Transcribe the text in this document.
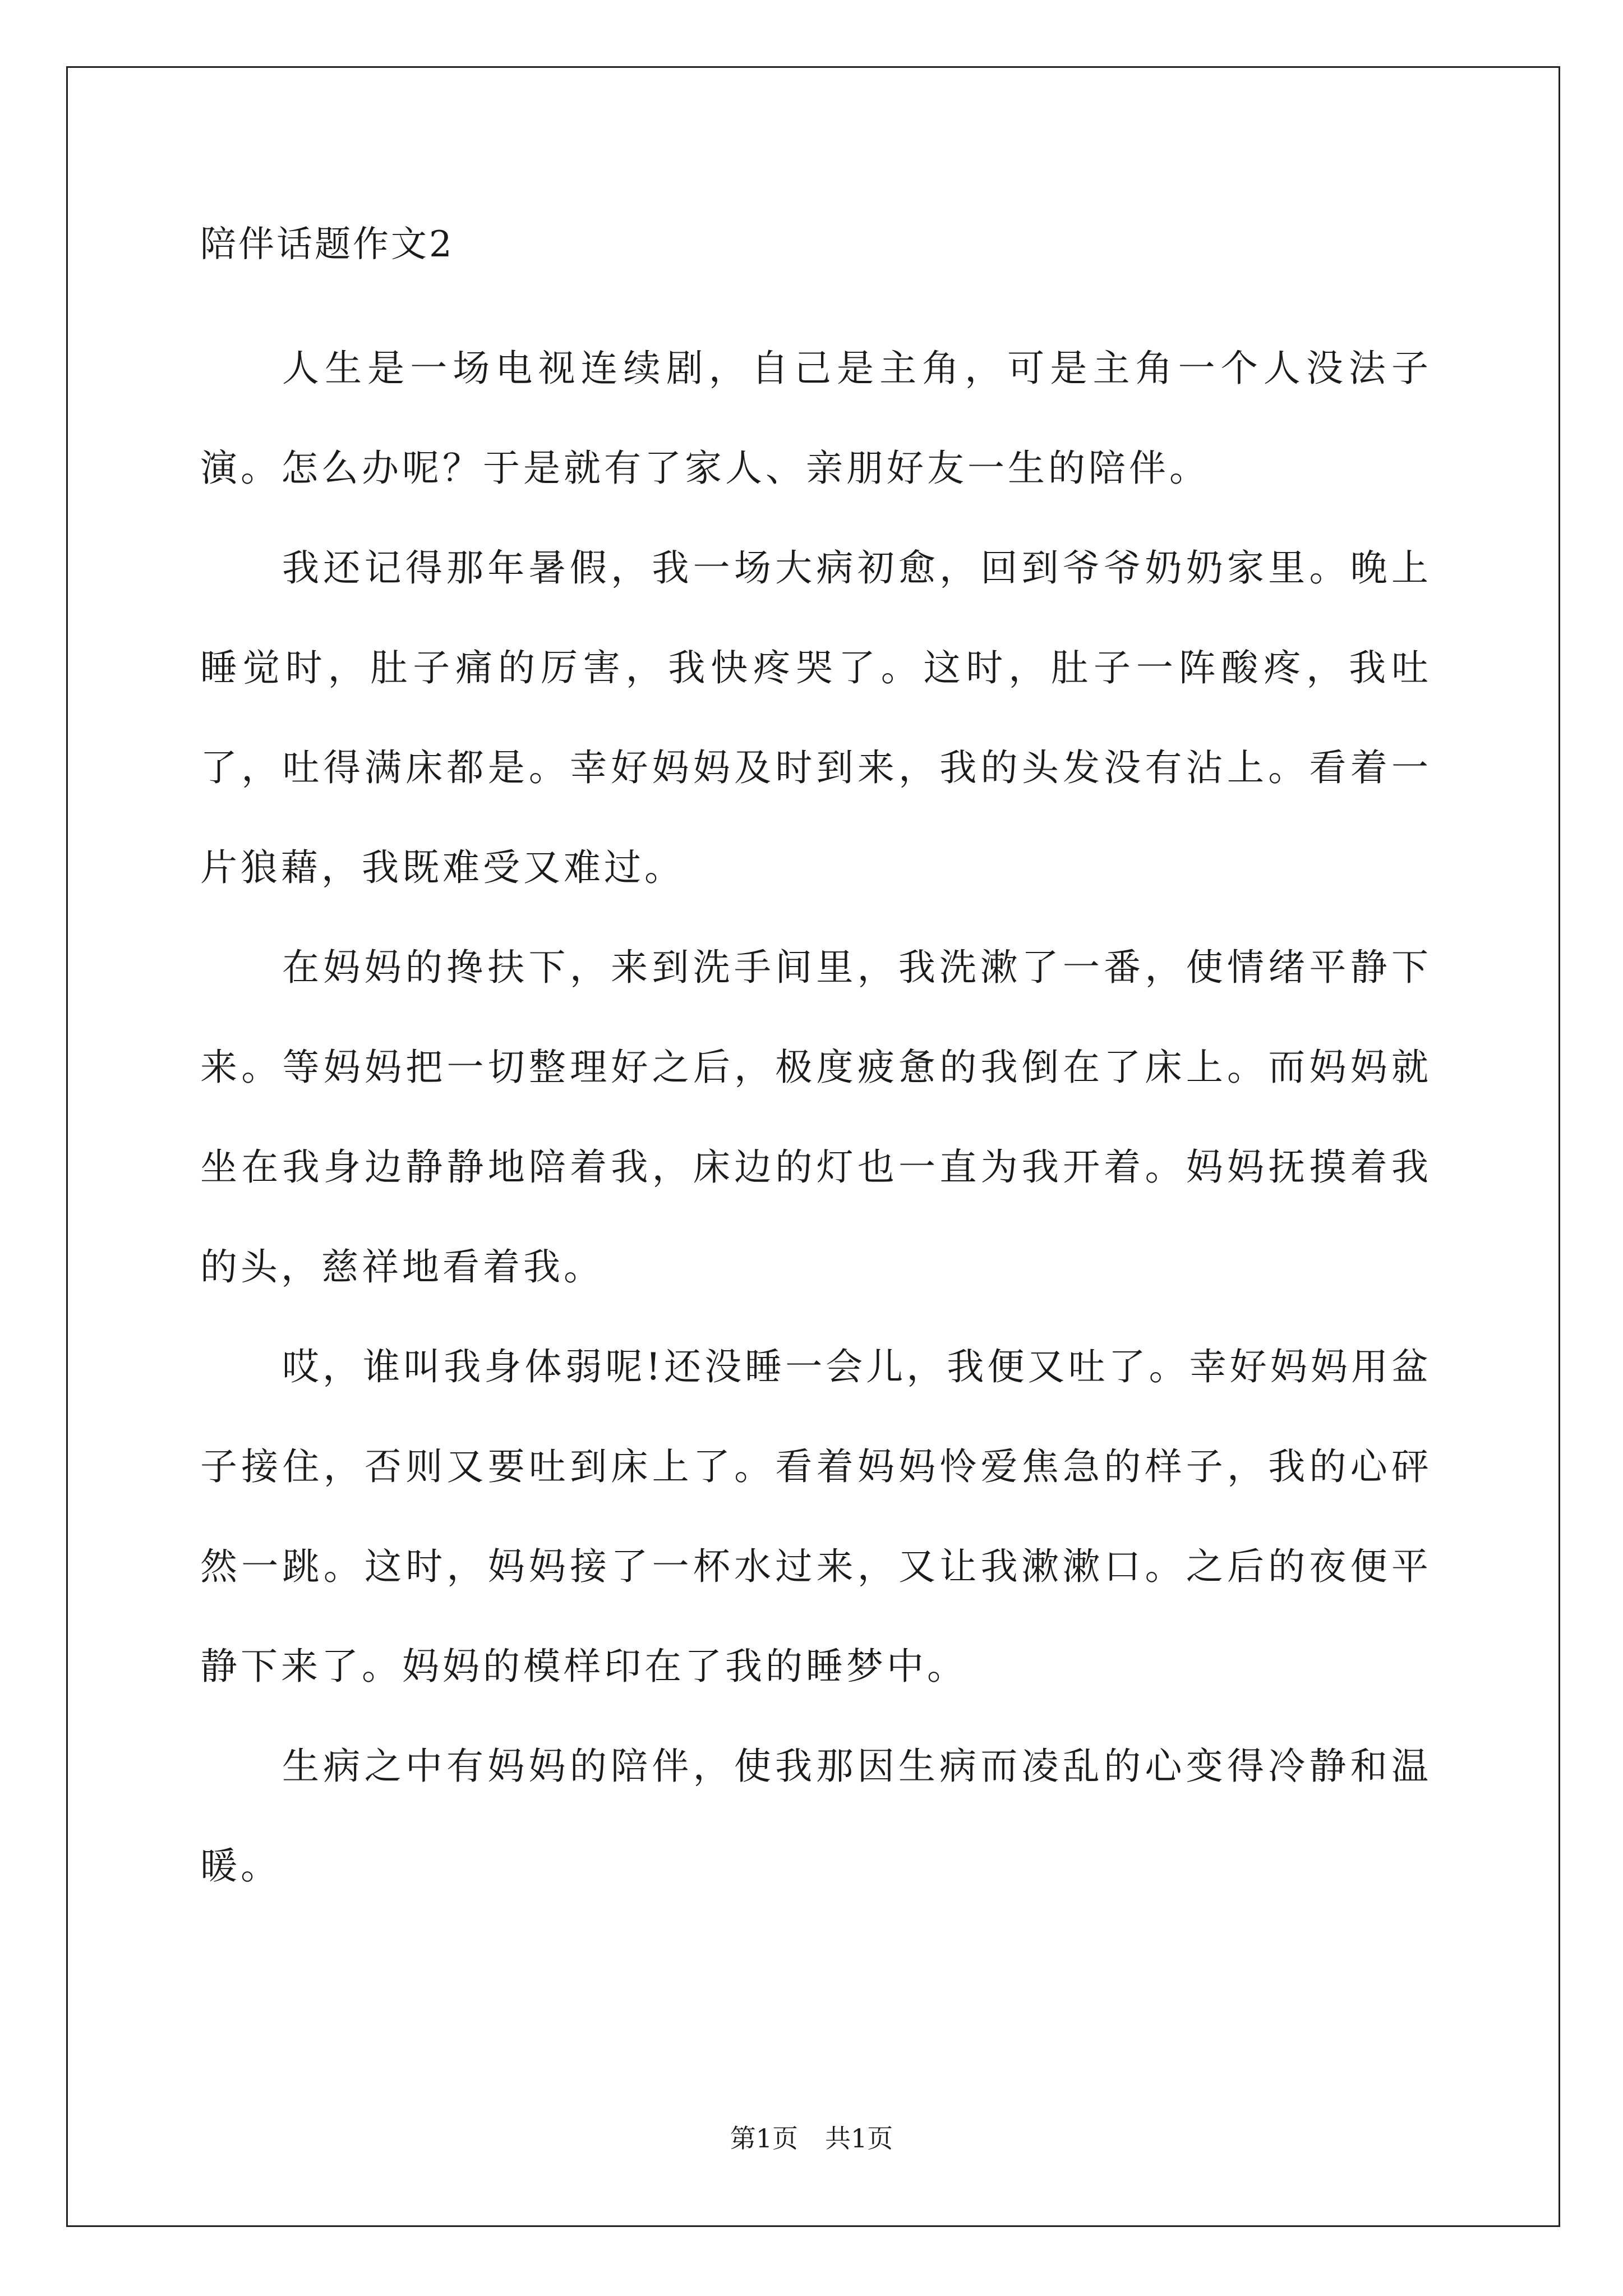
陪伴话题作文2

人生是一场电视连续剧，自己是主角，可是主角一个人没法子演。怎么办呢？于是就有了家人、亲朋好友一生的陪伴。

我还记得那年暑假，我一场大病初愈，回到爷爷奶奶家里。晚上睡觉时，肚子痛的厉害，我快疼哭了。这时，肚子一阵酸疼，我吐了，吐得满床都是。幸好妈妈及时到来，我的头发没有沾上。看着一片狼藉，我既难受又难过。

在妈妈的搀扶下，来到洗手间里，我洗漱了一番，使情绪平静下来。等妈妈把一切整理好之后，极度疲惫的我倒在了床上。而妈妈就坐在我身边静静地陪着我，床边的灯也一直为我开着。妈妈抚摸着我的头，慈祥地看着我。

哎，谁叫我身体弱呢!还没睡一会儿，我便又吐了。幸好妈妈用盆子接住，否则又要吐到床上了。看着妈妈怜爱焦急的样子，我的心砰然一跳。这时，妈妈接了一杯水过来，又让我漱漱口。之后的夜便平静下来了。妈妈的模样印在了我的睡梦中。

生病之中有妈妈的陪伴，使我那因生病而凌乱的心变得冷静和温暖。

第1页 共1页
